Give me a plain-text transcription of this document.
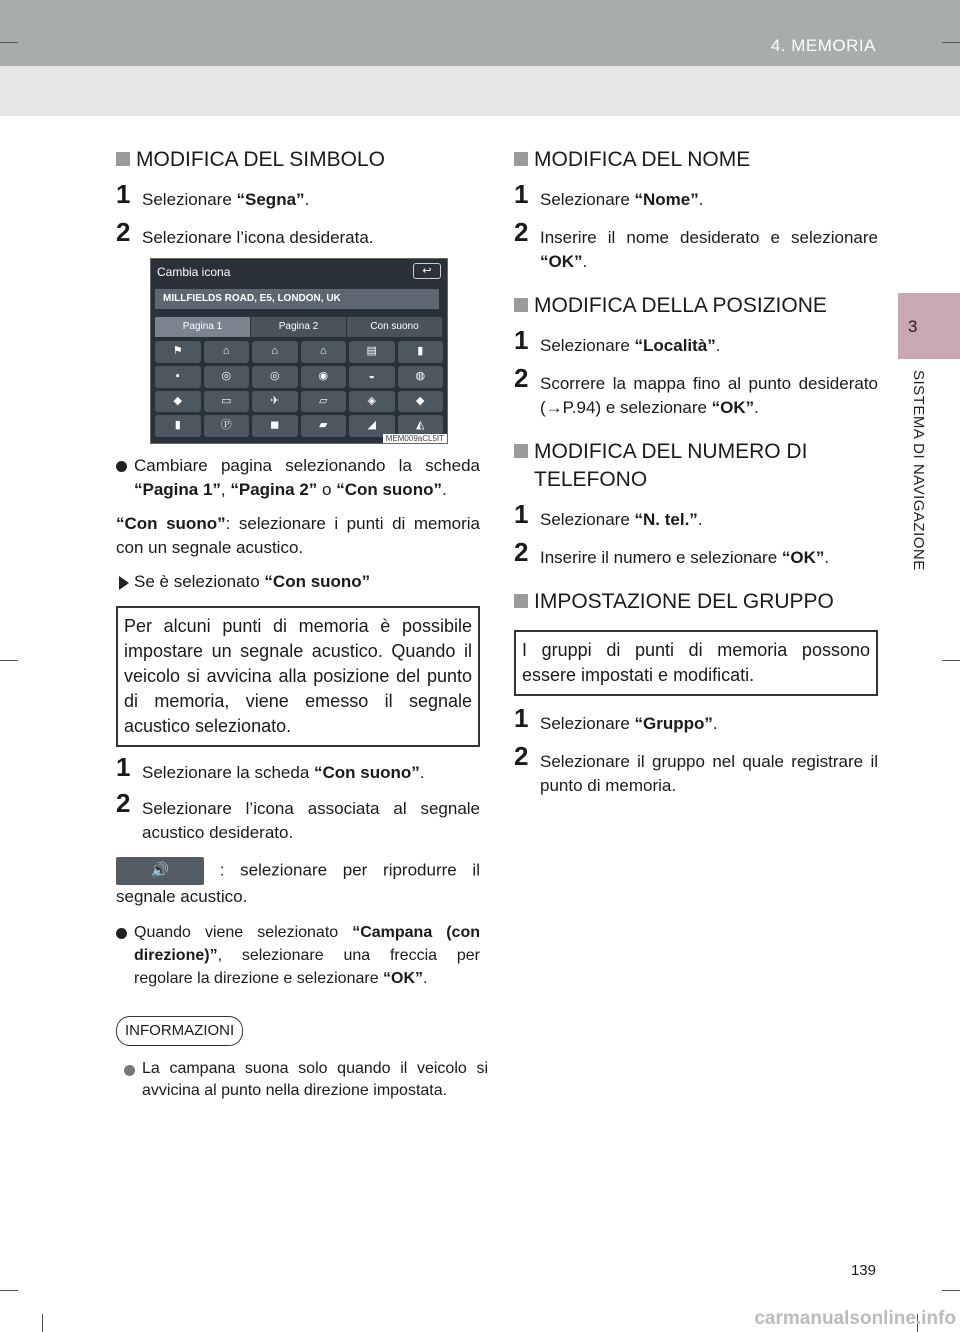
4. MEMORIA
3
SISTEMA DI NAVIGAZIONE
MODIFICA DEL SIMBOLO
1 Selezionare “Segna”.
2 Selezionare l’icona desiderata.
Cambia icona	↩
MILLFIELDS ROAD, E5, LONDON, UK
Pagina 1	Pagina 2	Con suono
⚑	⌂	⌂	⌂	▤	▮
▪	◎	◎	◉	◒	◍
◆	▭	✈	▱	◈	◆
▮	Ⓟ	◼	▰	◢	◭
MEM009aCL5IT
Cambiare pagina selezionando la scheda “Pagina 1”, “Pagina 2” o “Con suono”.
“Con suono”: selezionare i punti di memoria con un segnale acustico.
Se è selezionato “Con suono”
Per alcuni punti di memoria è possibile impostare un segnale acustico. Quando il veicolo si avvicina alla posizione del punto di memoria, viene emesso il segnale acustico selezionato.
1 Selezionare la scheda “Con suono”.
2 Selezionare l’icona associata al segnale acustico desiderato.
🔊	: selezionare per riprodurre il segnale acustico.
Quando viene selezionato “Campana (con direzione)”, selezionare una freccia per regolare la direzione e selezionare “OK”.
INFORMAZIONI
La campana suona solo quando il veicolo si avvicina al punto nella direzione impostata.
MODIFICA DEL NOME
1 Selezionare “Nome”.
2 Inserire il nome desiderato e selezionare “OK”.
MODIFICA DELLA POSIZIONE
1 Selezionare “Località”.
2 Scorrere la mappa fino al punto desiderato (→P.94) e selezionare “OK”.
MODIFICA DEL NUMERO DI TELEFONO
1 Selezionare “N. tel.”.
2 Inserire il numero e selezionare “OK”.
IMPOSTAZIONE DEL GRUPPO
I gruppi di punti di memoria possono essere impostati e modificati.
1 Selezionare “Gruppo”.
2 Selezionare il gruppo nel quale registrare il punto di memoria.
139
carmanualsonline.info
